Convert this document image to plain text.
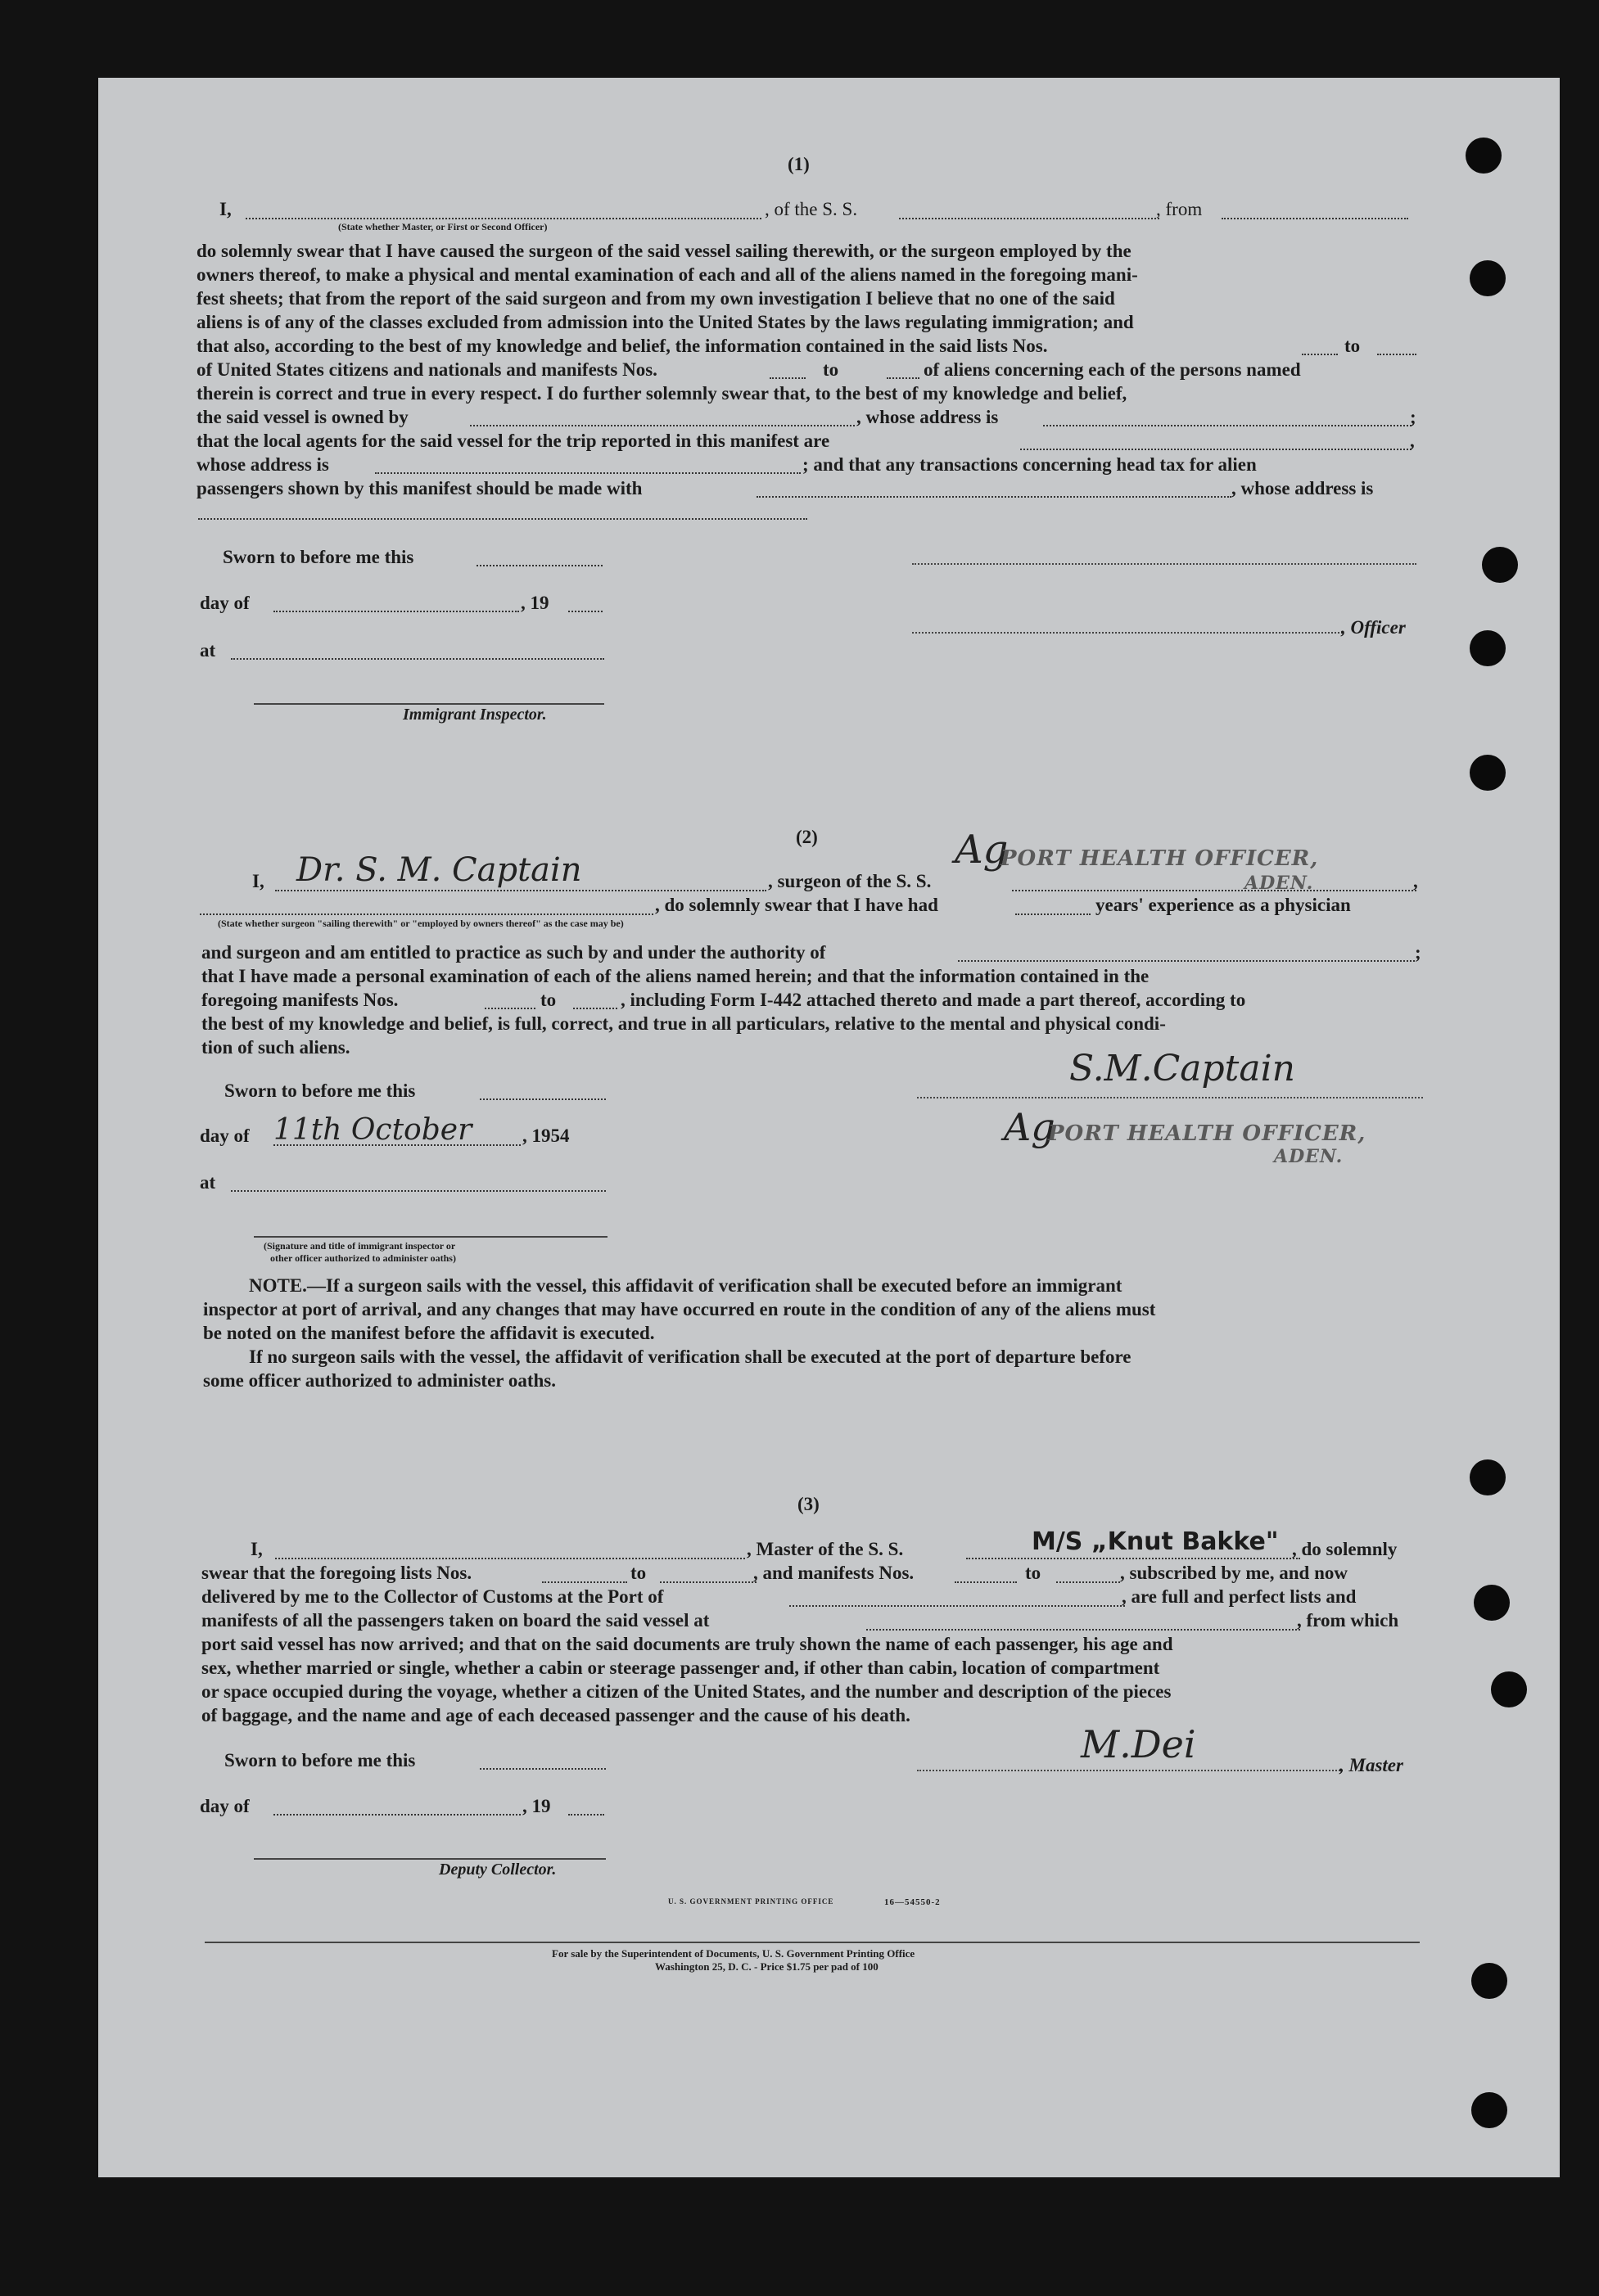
(1)
I,	, of the S. S.	, from
(State whether Master, or First or Second Officer)
do solemnly swear that I have caused the surgeon of the said vessel sailing therewith, or the surgeon employed by the
owners thereof, to make a physical and mental examination of each and all of the aliens named in the foregoing mani-
fest sheets; that from the report of the said surgeon and from my own investigation I believe that no one of the said
aliens is of any of the classes excluded from admission into the United States by the laws regulating immigration; and
that also, according to the best of my knowledge and belief, the information contained in the said lists Nos.	to
of United States citizens and nationals and manifests Nos.	to	of aliens concerning each of the persons named
therein is correct and true in every respect. I do further solemnly swear that, to the best of my knowledge and belief,
the said vessel is owned by	, whose address is	;
that the local agents for the said vessel for the trip reported in this manifest are	,
whose address is	; and that any transactions concerning head tax for alien
passengers shown by this manifest should be made with	, whose address is
Sworn to before me this
day of	, 19
, Officer
at
Immigrant Inspector.
(2)
I, Dr. S. M. Captain	, surgeon of the S. S.
Ag
PORT HEALTH OFFICER,
ADEN.	,
, do solemnly swear that I have had	years' experience as a physician
(State whether surgeon "sailing therewith" or "employed by owners thereof" as the case may be)
and surgeon and am entitled to practice as such by and under the authority of	;
that I have made a personal examination of each of the aliens named herein; and that the information contained in the
foregoing manifests Nos.	to	, including Form I-442 attached thereto and made a part thereof, according to
the best of my knowledge and belief, is full, correct, and true in all particulars, relative to the mental and physical condi-
tion of such aliens.
Sworn to before me this
S.M.Captain
Ag
PORT HEALTH OFFICER,
ADEN.
day of 11th October	, 1954
at
(Signature and title of immigrant inspector or
other officer authorized to administer oaths)
NOTE.—If a surgeon sails with the vessel, this affidavit of verification shall be executed before an immigrant
inspector at port of arrival, and any changes that may have occurred en route in the condition of any of the aliens must
be noted on the manifest before the affidavit is executed.
If no surgeon sails with the vessel, the affidavit of verification shall be executed at the port of departure before
some officer authorized to administer oaths.
(3)
I,	, Master of the S. S.	M/S „Knut Bakke" , do solemnly
swear that the foregoing lists Nos.	to	, and manifests Nos.	to	, subscribed by me, and now
delivered by me to the Collector of Customs at the Port of	, are full and perfect lists and
manifests of all the passengers taken on board the said vessel at	, from which
port said vessel has now arrived; and that on the said documents are truly shown the name of each passenger, his age and
sex, whether married or single, whether a cabin or steerage passenger and, if other than cabin, location of compartment
or space occupied during the voyage, whether a citizen of the United States, and the number and description of the pieces
of baggage, and the name and age of each deceased passenger and the cause of his death.
Sworn to before me this	M.Dei	, Master
day of	, 19
Deputy Collector.
U. S. GOVERNMENT PRINTING OFFICE	16—54550-2
For sale by the Superintendent of Documents, U. S. Government Printing Office
Washington 25, D. C. - Price $1.75 per pad of 100
